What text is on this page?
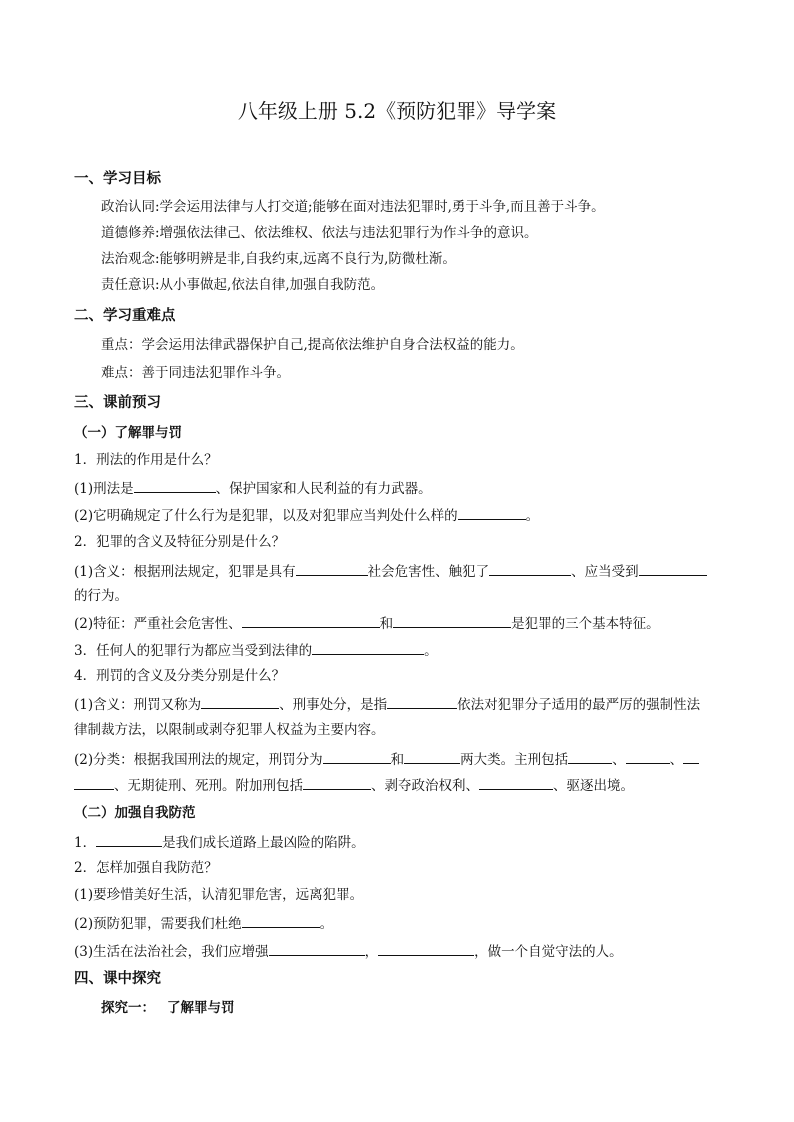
八年级上册 5.2《预防犯罪》导学案
一、学习目标
政治认同:学会运用法律与人打交道;能够在面对违法犯罪时,勇于斗争,而且善于斗争。
道德修养:增强依法律己、依法维权、依法与违法犯罪行为作斗争的意识。
法治观念:能够明辨是非,自我约束,远离不良行为,防微杜渐。
责任意识:从小事做起,依法自律,加强自我防范。
二、学习重难点
重点：学会运用法律武器保护自己,提高依法维护自身合法权益的能力。
难点：善于同违法犯罪作斗争。
三、课前预习
（一）了解罪与罚
1．刑法的作用是什么？
(1)刑法是	、保护国家和人民利益的有力武器。
(2)它明确规定了什么行为是犯罪，以及对犯罪应当判处什么样的	。
2．犯罪的含义及特征分别是什么？
(1)含义：根据刑法规定，犯罪是具有	社会危害性、触犯了	、应当受到
的行为。
(2)特征：严重社会危害性、	和	是犯罪的三个基本特征。
3．任何人的犯罪行为都应当受到法律的	。
4．刑罚的含义及分类分别是什么？
(1)含义：刑罚又称为	、刑事处分，是指	依法对犯罪分子适用的最严厉的强制性法
律制裁方法，以限制或剥夺犯罪人权益为主要内容。
(2)分类：根据我国刑法的规定，刑罚分为	和	两大类。主刑包括	、	、
、无期徒刑、死刑。附加刑包括	、剥夺政治权利、	、驱逐出境。
（二）加强自我防范
1．	是我们成长道路上最凶险的陷阱。
2．怎样加强自我防范？
(1)要珍惜美好生活，认清犯罪危害，远离犯罪。
(2)预防犯罪，需要我们杜绝	。
(3)生活在法治社会，我们应增强	，	，做一个自觉守法的人。
四、课中探究
探究一： 了解罪与罚
